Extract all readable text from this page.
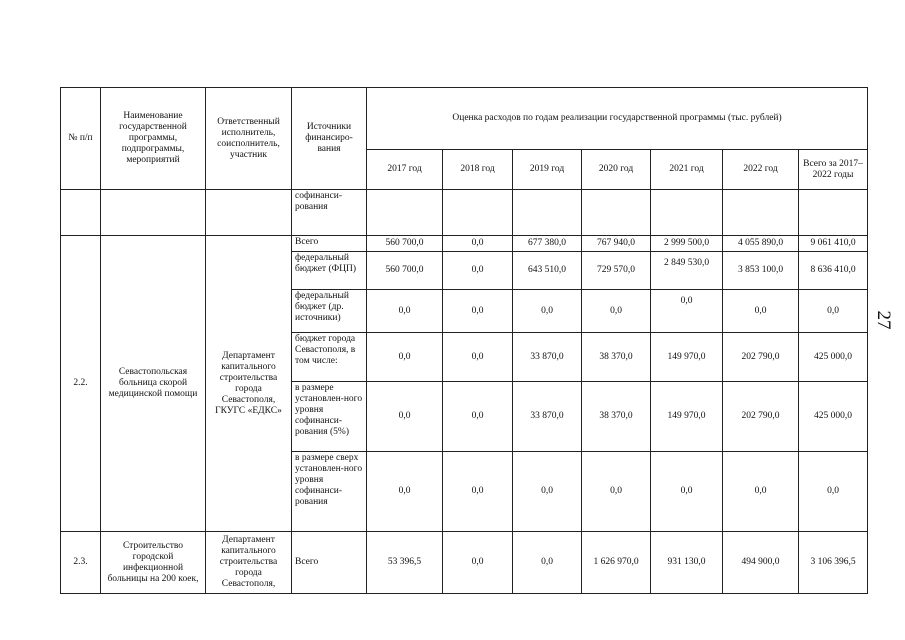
27
№ п/п	Наименование государственной программы, подпрограммы, мероприятий	Ответственный исполнитель, соисполнитель, участник	Источники финансиро-вания	Оценка расходов по годам реализации государственной программы (тыс. рублей)						
				2017 год	2018 год	2019 год	2020 год	2021 год	2022 год	Всего за 2017–2022 годы
			софинанси-рования							
2.2.	Севастопольская больница скорой медицинской помощи	Департамент капитального строительства города Севастополя, ГКУГС «ЕДКС»	Всего	560 700,0	0,0	677 380,0	767 940,0	2 999 500,0	4 055 890,0	9 061 410,0
			федеральный бюджет (ФЦП)	560 700,0	0,0	643 510,0	729 570,0	2 849 530,0	3 853 100,0	8 636 410,0
			федеральный бюджет (др. источники)	0,0	0,0	0,0	0,0	0,0	0,0	0,0
			бюджет города Севастополя, в том числе:	0,0	0,0	33 870,0	38 370,0	149 970,0	202 790,0	425 000,0
			в размере установлен-ного уровня софинанси-рования (5%)	0,0	0,0	33 870,0	38 370,0	149 970,0	202 790,0	425 000,0
			в размере сверх установлен-ного уровня софинанси-рования	0,0	0,0	0,0	0,0	0,0	0,0	0,0
2.3.	Строительство городской инфекционной больницы на 200 коек,	Департамент капитального строительства города Севастополя,	Всего	53 396,5	0,0	0,0	1 626 970,0	931 130,0	494 900,0	3 106 396,5
